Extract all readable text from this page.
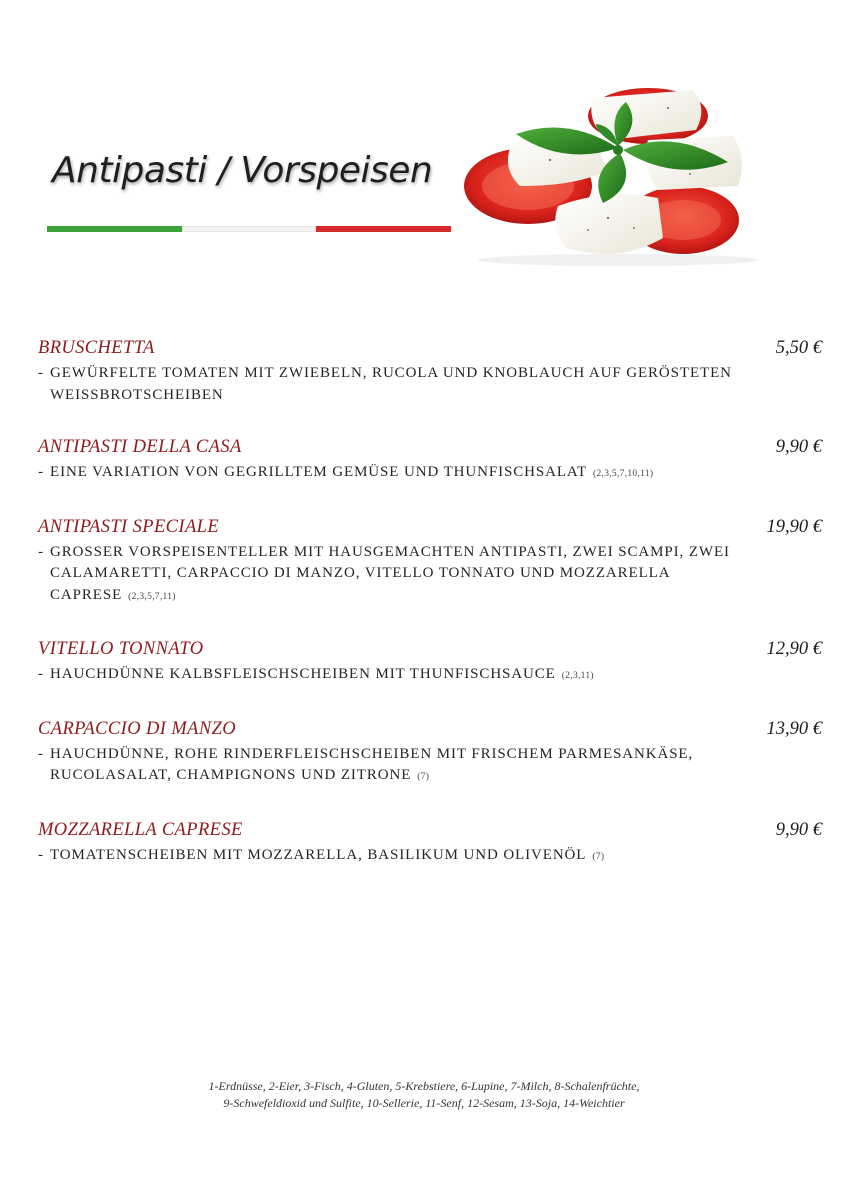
Antipasti / Vorspeisen
BRUSCHETTA	5,50 €
- GEWÜRFELTE TOMATEN MIT ZWIEBELN, RUCOLA UND KNOBLAUCH AUF GERÖSTETEN WEISSBROTSCHEIBEN
ANTIPASTI DELLA CASA	9,90 €
- EINE VARIATION VON GEGRILLTEM GEMÜSE UND THUNFISCHSALAT (2,3,5,7,10,11)
ANTIPASTI SPECIALE	19,90 €
- GROSSER VORSPEISENTELLER MIT HAUSGEMACHTEN ANTIPASTI, ZWEI SCAMPI, ZWEI CALAMARETTI, CARPACCIO DI MANZO, VITELLO TONNATO UND MOZZARELLA CAPRESE (2,3,5,7,11)
VITELLO TONNATO	12,90 €
- HAUCHDÜNNE KALBSFLEISCHSCHEIBEN MIT THUNFISCHSAUCE (2,3,11)
CARPACCIO DI MANZO	13,90 €
- HAUCHDÜNNE, ROHE RINDERFLEISCHSCHEIBEN MIT FRISCHEM PARMESANKÄSE, RUCOLASALAT, CHAMPIGNONS UND ZITRONE (7)
MOZZARELLA CAPRESE	9,90 €
- TOMATENSCHEIBEN MIT MOZZARELLA, BASILIKUM UND OLIVENÖL (7)
1-Erdnüsse, 2-Eier, 3-Fisch, 4-Gluten, 5-Krebstiere, 6-Lupine, 7-Milch, 8-Schalenfrüchte,
9-Schwefeldioxid und Sulfite, 10-Sellerie, 11-Senf, 12-Sesam, 13-Soja, 14-Weichtier
